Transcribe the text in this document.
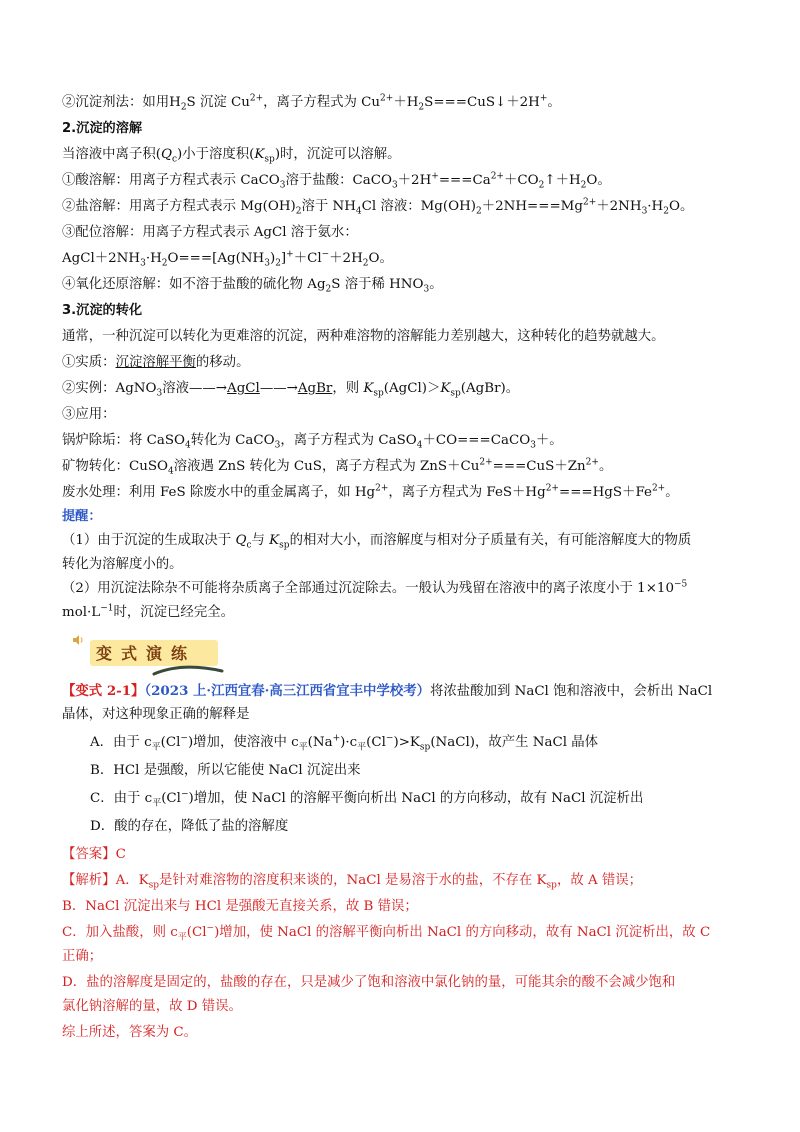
②沉淀剂法：如用$H_2S$ 沉淀 $Cu^{2+}$，离子方程式为 $Cu^{2+}+H_2S===CuS↓+2H^+$。
2.沉淀的溶解
当溶液中离子积$(Q_c)$小于溶度积$(K_{sp})$时，沉淀可以溶解。
①酸溶解：用离子方程式表示 CaCO$_3$溶于盐酸：$CaCO_3+2H^+===Ca^{2+}+CO_2↑+H_2O$。
②盐溶解：用离子方程式表示 $Mg(OH)_2$溶于 $NH_4Cl$ 溶液：$Mg(OH)_2+2NH===Mg^{2+}+2NH_3\cdot H_2O$。
③配位溶解：用离子方程式表示 AgCl 溶于氨水：
$AgCl+2NH_3\cdot H_2O===[Ag(NH_3)_2]^++Cl^-+2H_2O$。
④氧化还原溶解：如不溶于盐酸的硫化物 $Ag_2S$ 溶于稀 $HNO_3$。
3.沉淀的转化
通常，一种沉淀可以转化为更难溶的沉淀，两种难溶物的溶解能力差别越大，这种转化的趋势就越大。
①实质：沉淀溶解平衡的移动。
②实例：AgNO$_3$溶液——→AgCl——→AgBr，则 $K_{sp}(AgCl)>K_{sp}(AgBr)$。
③应用：
锅炉除垢：将 CaSO$_4$转化为 CaCO$_3$，离子方程式为 CaSO$_4$＋CO===CaCO$_3$＋。
矿物转化：CuSO$_4$溶液遇 ZnS 转化为 CuS，离子方程式为 $ZnS+Cu^{2+}===CuS+Zn^{2+}$。
废水处理：利用 FeS 除废水中的重金属离子，如 $Hg^{2+}$，离子方程式为 $FeS+Hg^{2+}===HgS+Fe^{2+}$。
提醒：
（1）由于沉淀的生成取决于 $Q_c$与 $K_{sp}$的相对大小，而溶解度与相对分子质量有关，有可能溶解度大的物质
转化为溶解度小的。
（2）用沉淀法除杂不可能将杂质离子全部通过沉淀除去。一般认为残留在溶液中的离子浓度小于 $1\times 10^{-5}$
$mol\cdot L^{-1}$时，沉淀已经完全。
变式演练
【变式 2-1】（2023 上·江西宜春·高三江西省宜丰中学校考）将浓盐酸加到 NaCl 饱和溶液中，会析出 NaCl
晶体，对这种现象正确的解释是
A．由于 $c_平(Cl^-)$增加，使溶液中 $c_平(Na^+)\cdot c_平(Cl^-)>K_{sp}(NaCl)$，故产生 NaCl 晶体
B．HCl 是强酸，所以它能使 NaCl 沉淀出来
C．由于 $c_平(Cl^-)$增加，使 NaCl 的溶解平衡向析出 NaCl 的方向移动，故有 NaCl 沉淀析出
D．酸的存在，降低了盐的溶解度
【答案】C
【解析】A．$K_{sp}$是针对难溶物的溶度积来谈的，NaCl 是易溶于水的盐，不存在 $K_{sp}$，故 A 错误；
B．NaCl 沉淀出来与 HCl 是强酸无直接关系，故 B 错误；
C．加入盐酸，则 $c_平(Cl^-)$增加，使 NaCl 的溶解平衡向析出 NaCl 的方向移动，故有 NaCl 沉淀析出，故 C
正确；
D．盐的溶解度是固定的，盐酸的存在，只是减少了饱和溶液中氯化钠的量，可能其余的酸不会减少饱和
氯化钠溶解的量，故 D 错误。
综上所述，答案为 C。
